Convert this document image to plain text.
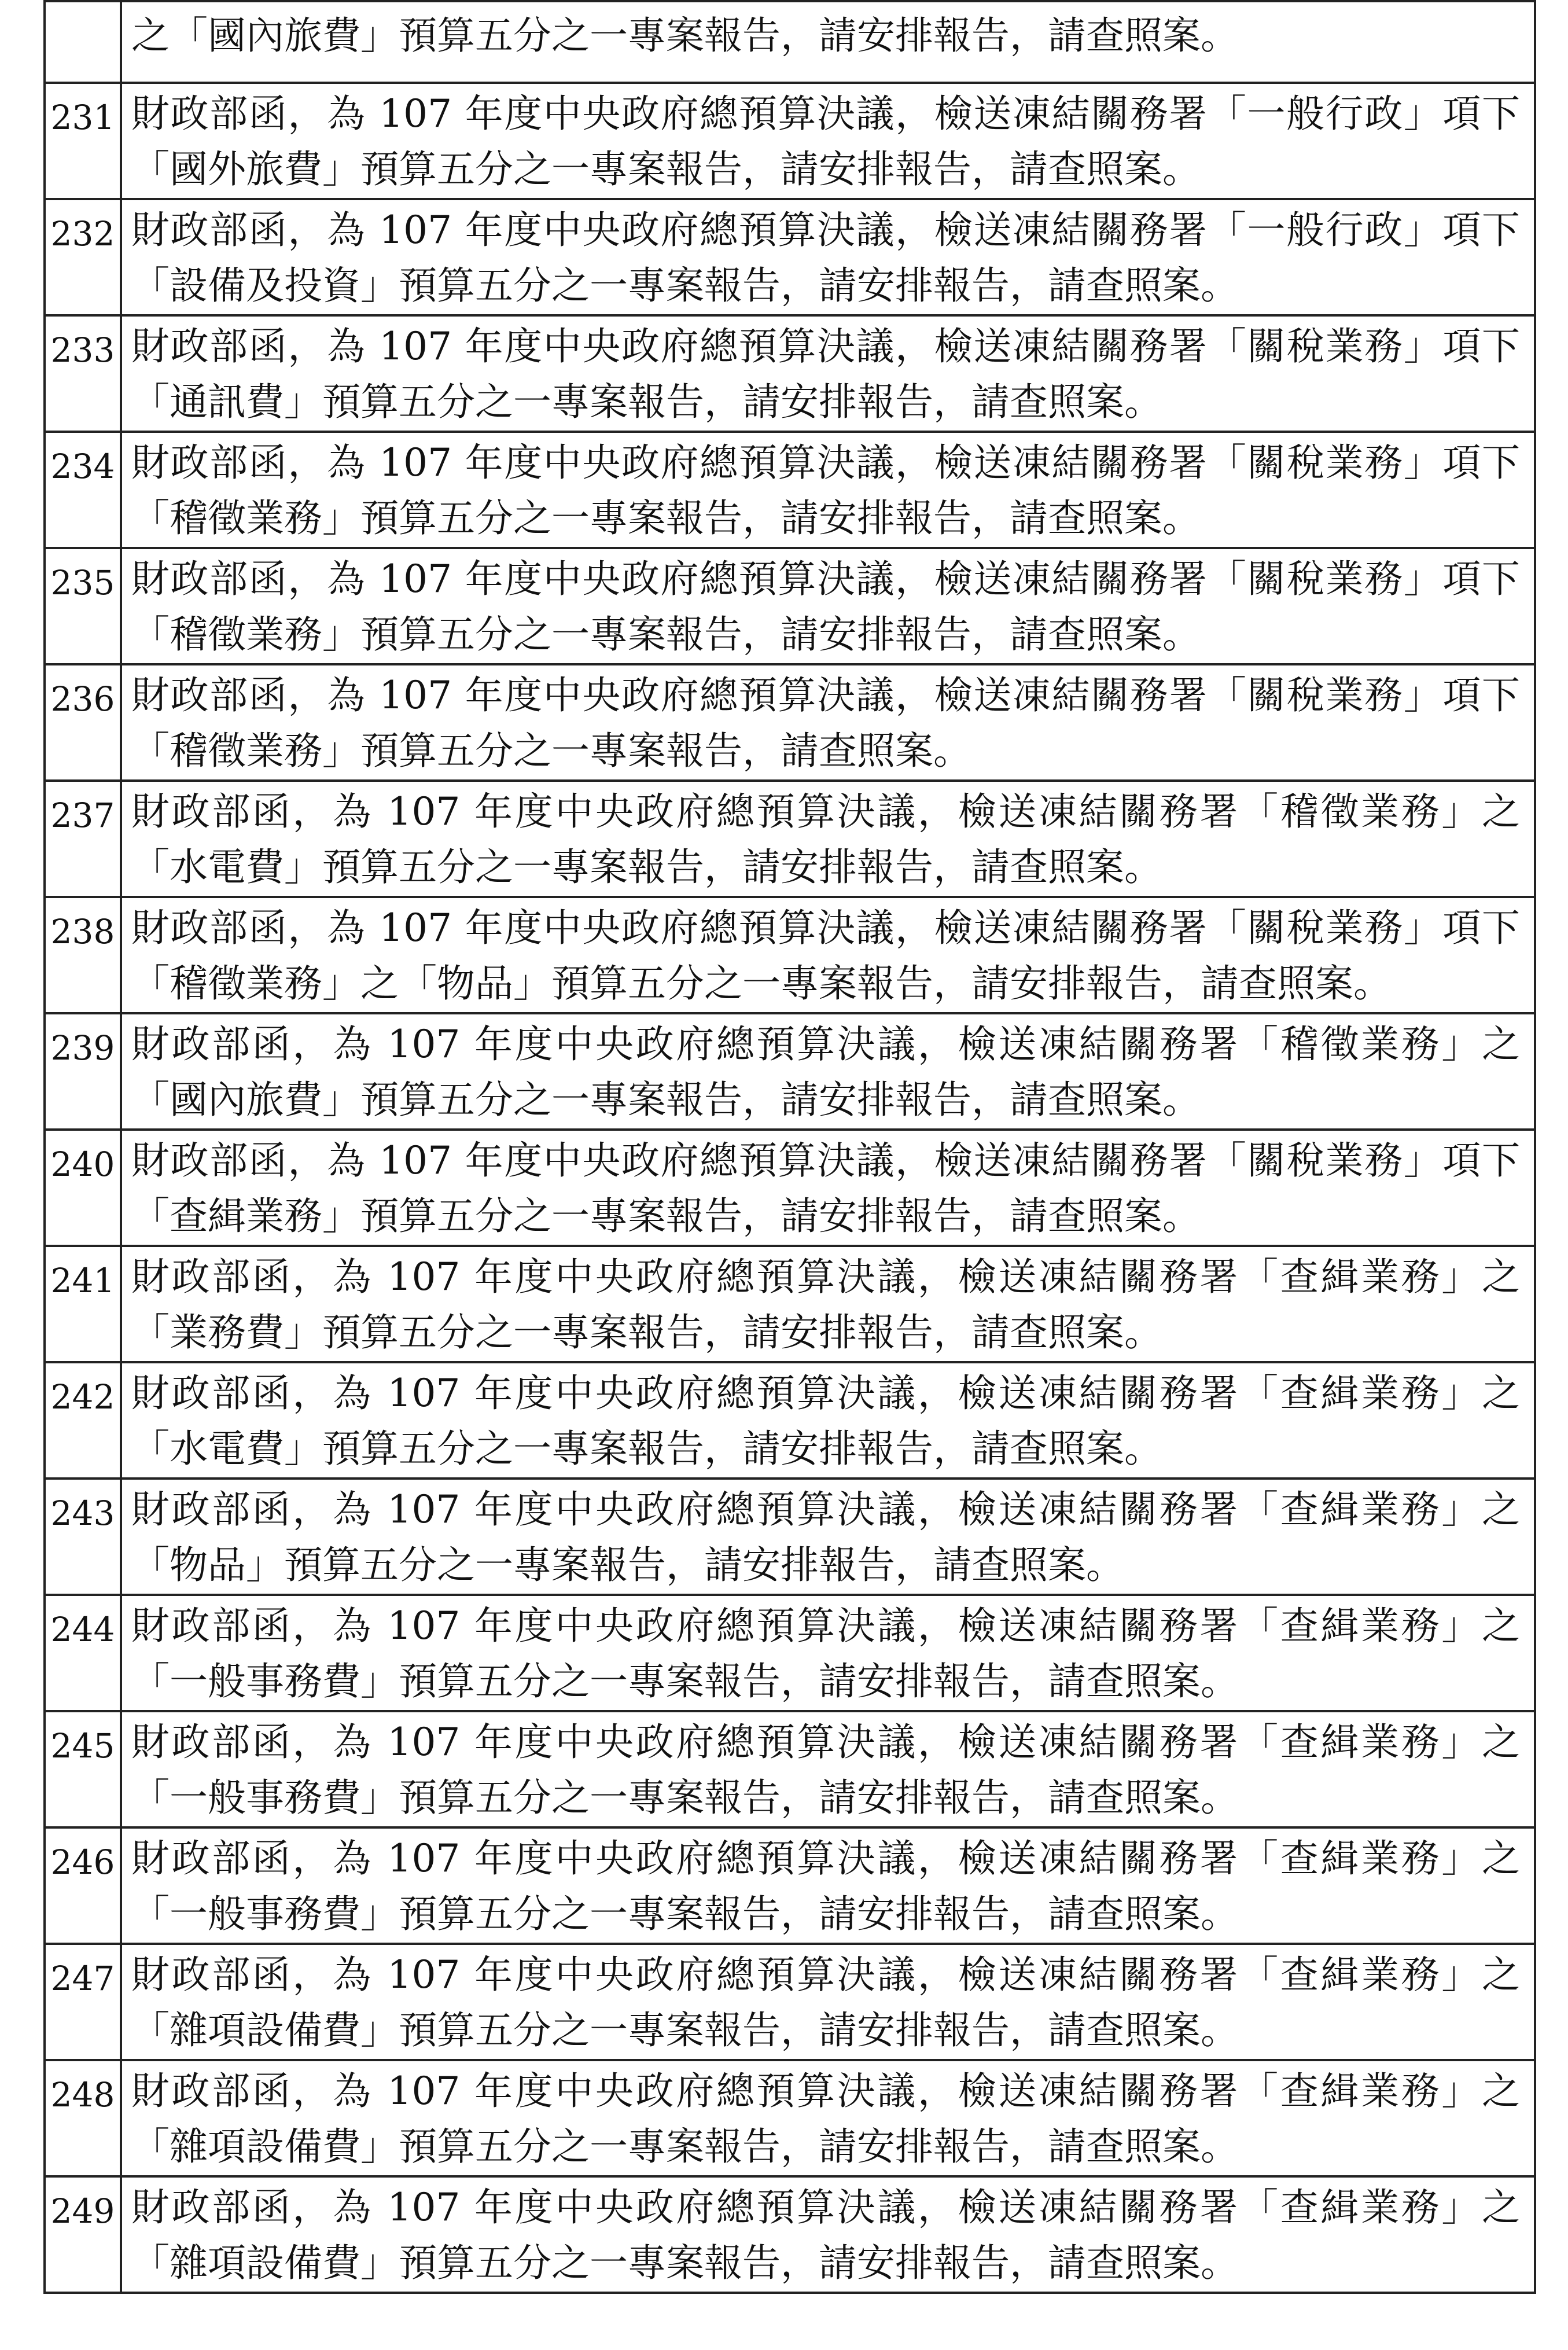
	之「國內旅費」預算五分之一專案報告，請安排報告，請查照案。
231	財政部函，為 107 年度中央政府總預算決議，檢送凍結關務署「一般行政」項下「國外旅費」預算五分之一專案報告，請安排報告，請查照案。
232	財政部函，為 107 年度中央政府總預算決議，檢送凍結關務署「一般行政」項下「設備及投資」預算五分之一專案報告，請安排報告，請查照案。
233	財政部函，為 107 年度中央政府總預算決議，檢送凍結關務署「關稅業務」項下「通訊費」預算五分之一專案報告，請安排報告，請查照案。
234	財政部函，為 107 年度中央政府總預算決議，檢送凍結關務署「關稅業務」項下「稽徵業務」預算五分之一專案報告，請安排報告，請查照案。
235	財政部函，為 107 年度中央政府總預算決議，檢送凍結關務署「關稅業務」項下「稽徵業務」預算五分之一專案報告，請安排報告，請查照案。
236	財政部函，為 107 年度中央政府總預算決議，檢送凍結關務署「關稅業務」項下「稽徵業務」預算五分之一專案報告，請查照案。
237	財政部函，為 107 年度中央政府總預算決議，檢送凍結關務署「稽徵業務」之「水電費」預算五分之一專案報告，請安排報告，請查照案。
238	財政部函，為 107 年度中央政府總預算決議，檢送凍結關務署「關稅業務」項下「稽徵業務」之「物品」預算五分之一專案報告，請安排報告，請查照案。
239	財政部函，為 107 年度中央政府總預算決議，檢送凍結關務署「稽徵業務」之「國內旅費」預算五分之一專案報告，請安排報告，請查照案。
240	財政部函，為 107 年度中央政府總預算決議，檢送凍結關務署「關稅業務」項下「查緝業務」預算五分之一專案報告，請安排報告，請查照案。
241	財政部函，為 107 年度中央政府總預算決議，檢送凍結關務署「查緝業務」之「業務費」預算五分之一專案報告，請安排報告，請查照案。
242	財政部函，為 107 年度中央政府總預算決議，檢送凍結關務署「查緝業務」之「水電費」預算五分之一專案報告，請安排報告，請查照案。
243	財政部函，為 107 年度中央政府總預算決議，檢送凍結關務署「查緝業務」之「物品」預算五分之一專案報告，請安排報告，請查照案。
244	財政部函，為 107 年度中央政府總預算決議，檢送凍結關務署「查緝業務」之「一般事務費」預算五分之一專案報告，請安排報告，請查照案。
245	財政部函，為 107 年度中央政府總預算決議，檢送凍結關務署「查緝業務」之「一般事務費」預算五分之一專案報告，請安排報告，請查照案。
246	財政部函，為 107 年度中央政府總預算決議，檢送凍結關務署「查緝業務」之「一般事務費」預算五分之一專案報告，請安排報告，請查照案。
247	財政部函，為 107 年度中央政府總預算決議，檢送凍結關務署「查緝業務」之「雜項設備費」預算五分之一專案報告，請安排報告，請查照案。
248	財政部函，為 107 年度中央政府總預算決議，檢送凍結關務署「查緝業務」之「雜項設備費」預算五分之一專案報告，請安排報告，請查照案。
249	財政部函，為 107 年度中央政府總預算決議，檢送凍結關務署「查緝業務」之「雜項設備費」預算五分之一專案報告，請安排報告，請查照案。
